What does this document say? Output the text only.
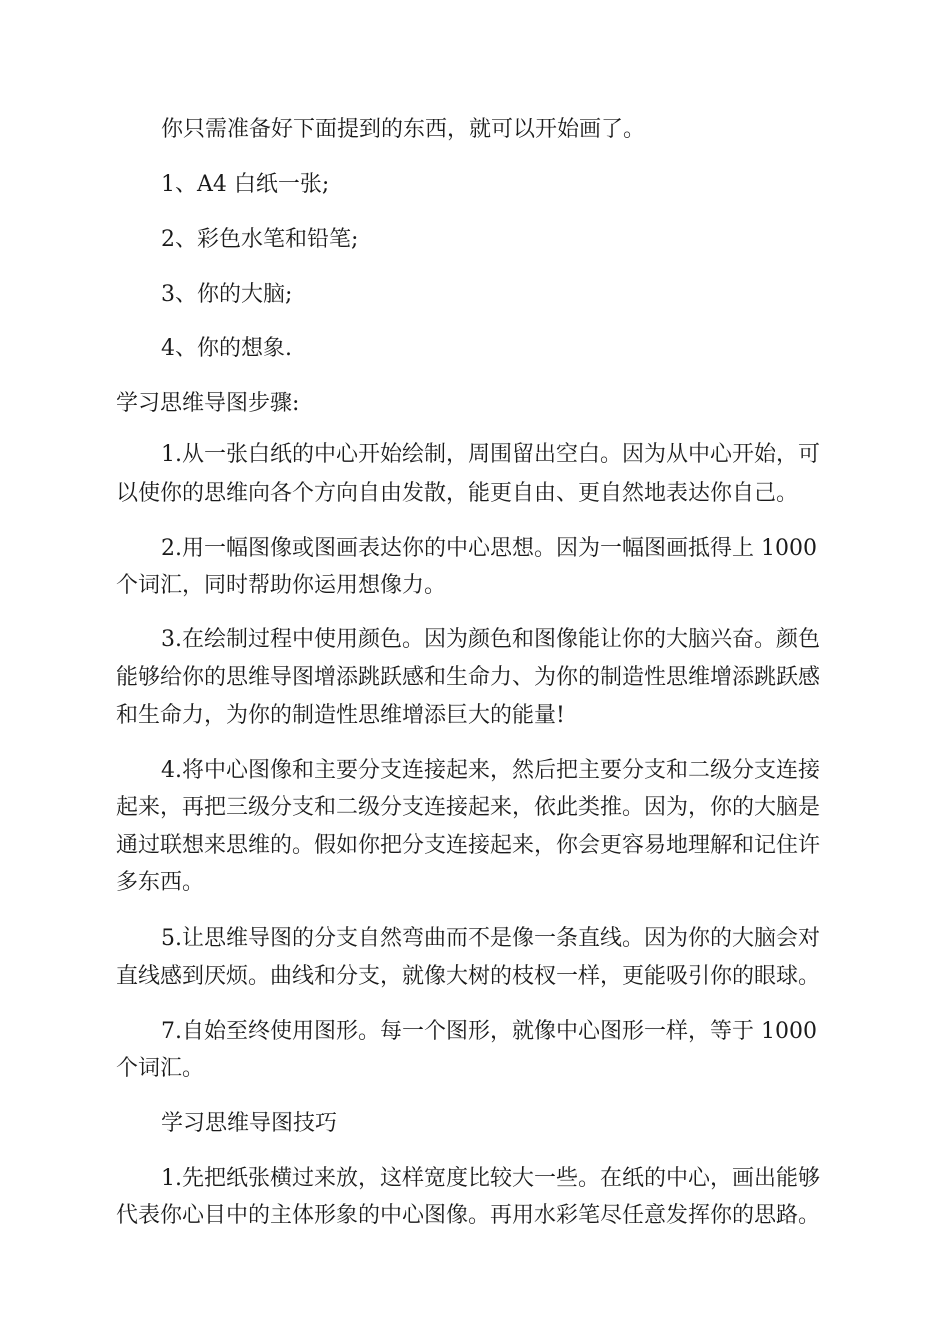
你只需准备好下面提到的东西，就可以开始画了。

1、A4 白纸一张;

2、彩色水笔和铅笔;

3、你的大脑;

4、你的想象.

学习思维导图步骤:

1.从一张白纸的中心开始绘制，周围留出空白。因为从中心开始，可

以使你的思维向各个方向自由发散，能更自由、更自然地表达你自己。

2.用一幅图像或图画表达你的中心思想。因为一幅图画抵得上 1000

个词汇，同时帮助你运用想像力。

3.在绘制过程中使用颜色。因为颜色和图像能让你的大脑兴奋。颜色

能够给你的思维导图增添跳跃感和生命力、为你的制造性思维增添跳跃感

和生命力，为你的制造性思维增添巨大的能量!

4.将中心图像和主要分支连接起来，然后把主要分支和二级分支连接

起来，再把三级分支和二级分支连接起来，依此类推。因为，你的大脑是

通过联想来思维的。假如你把分支连接起来，你会更容易地理解和记住许

多东西。

5.让思维导图的分支自然弯曲而不是像一条直线。因为你的大脑会对

直线感到厌烦。曲线和分支，就像大树的枝杈一样，更能吸引你的眼球。

7.自始至终使用图形。每一个图形，就像中心图形一样，等于 1000

个词汇。

学习思维导图技巧

1.先把纸张横过来放，这样宽度比较大一些。在纸的中心，画出能够

代表你心目中的主体形象的中心图像。再用水彩笔尽任意发挥你的思路。
